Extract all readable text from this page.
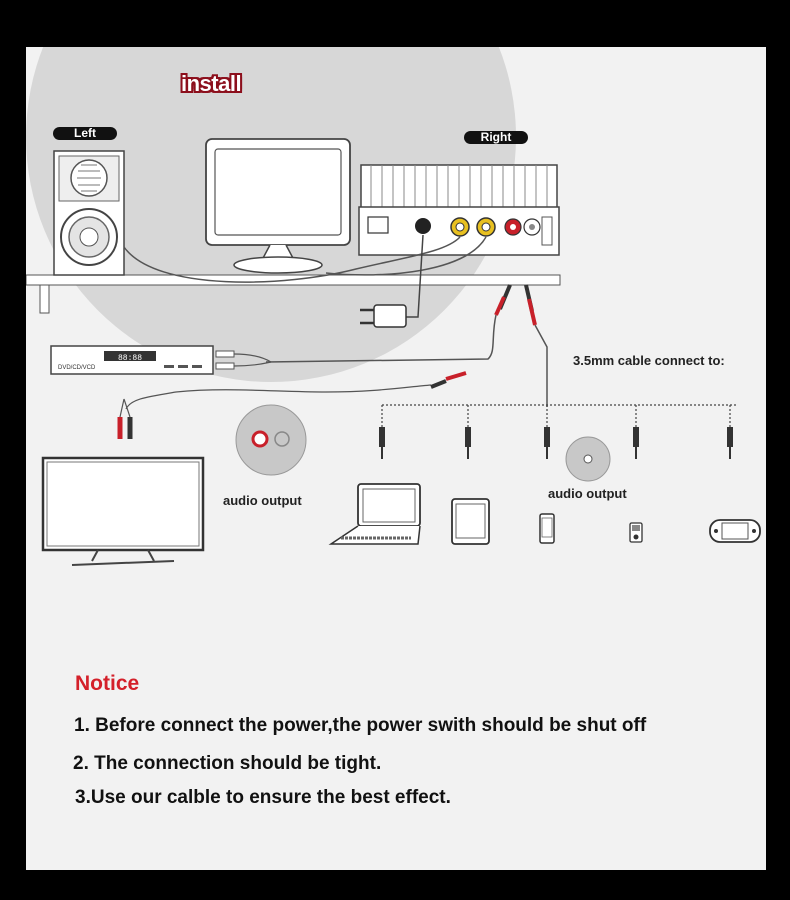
88:88
DVD/CD/VCD
install
Left	Right
3.5mm cable connect to:
audio output	audio output
Notice
1. Before connect the power,the power swith should be shut off
2. The connection should be tight.
3.Use our calble to ensure the best effect.
